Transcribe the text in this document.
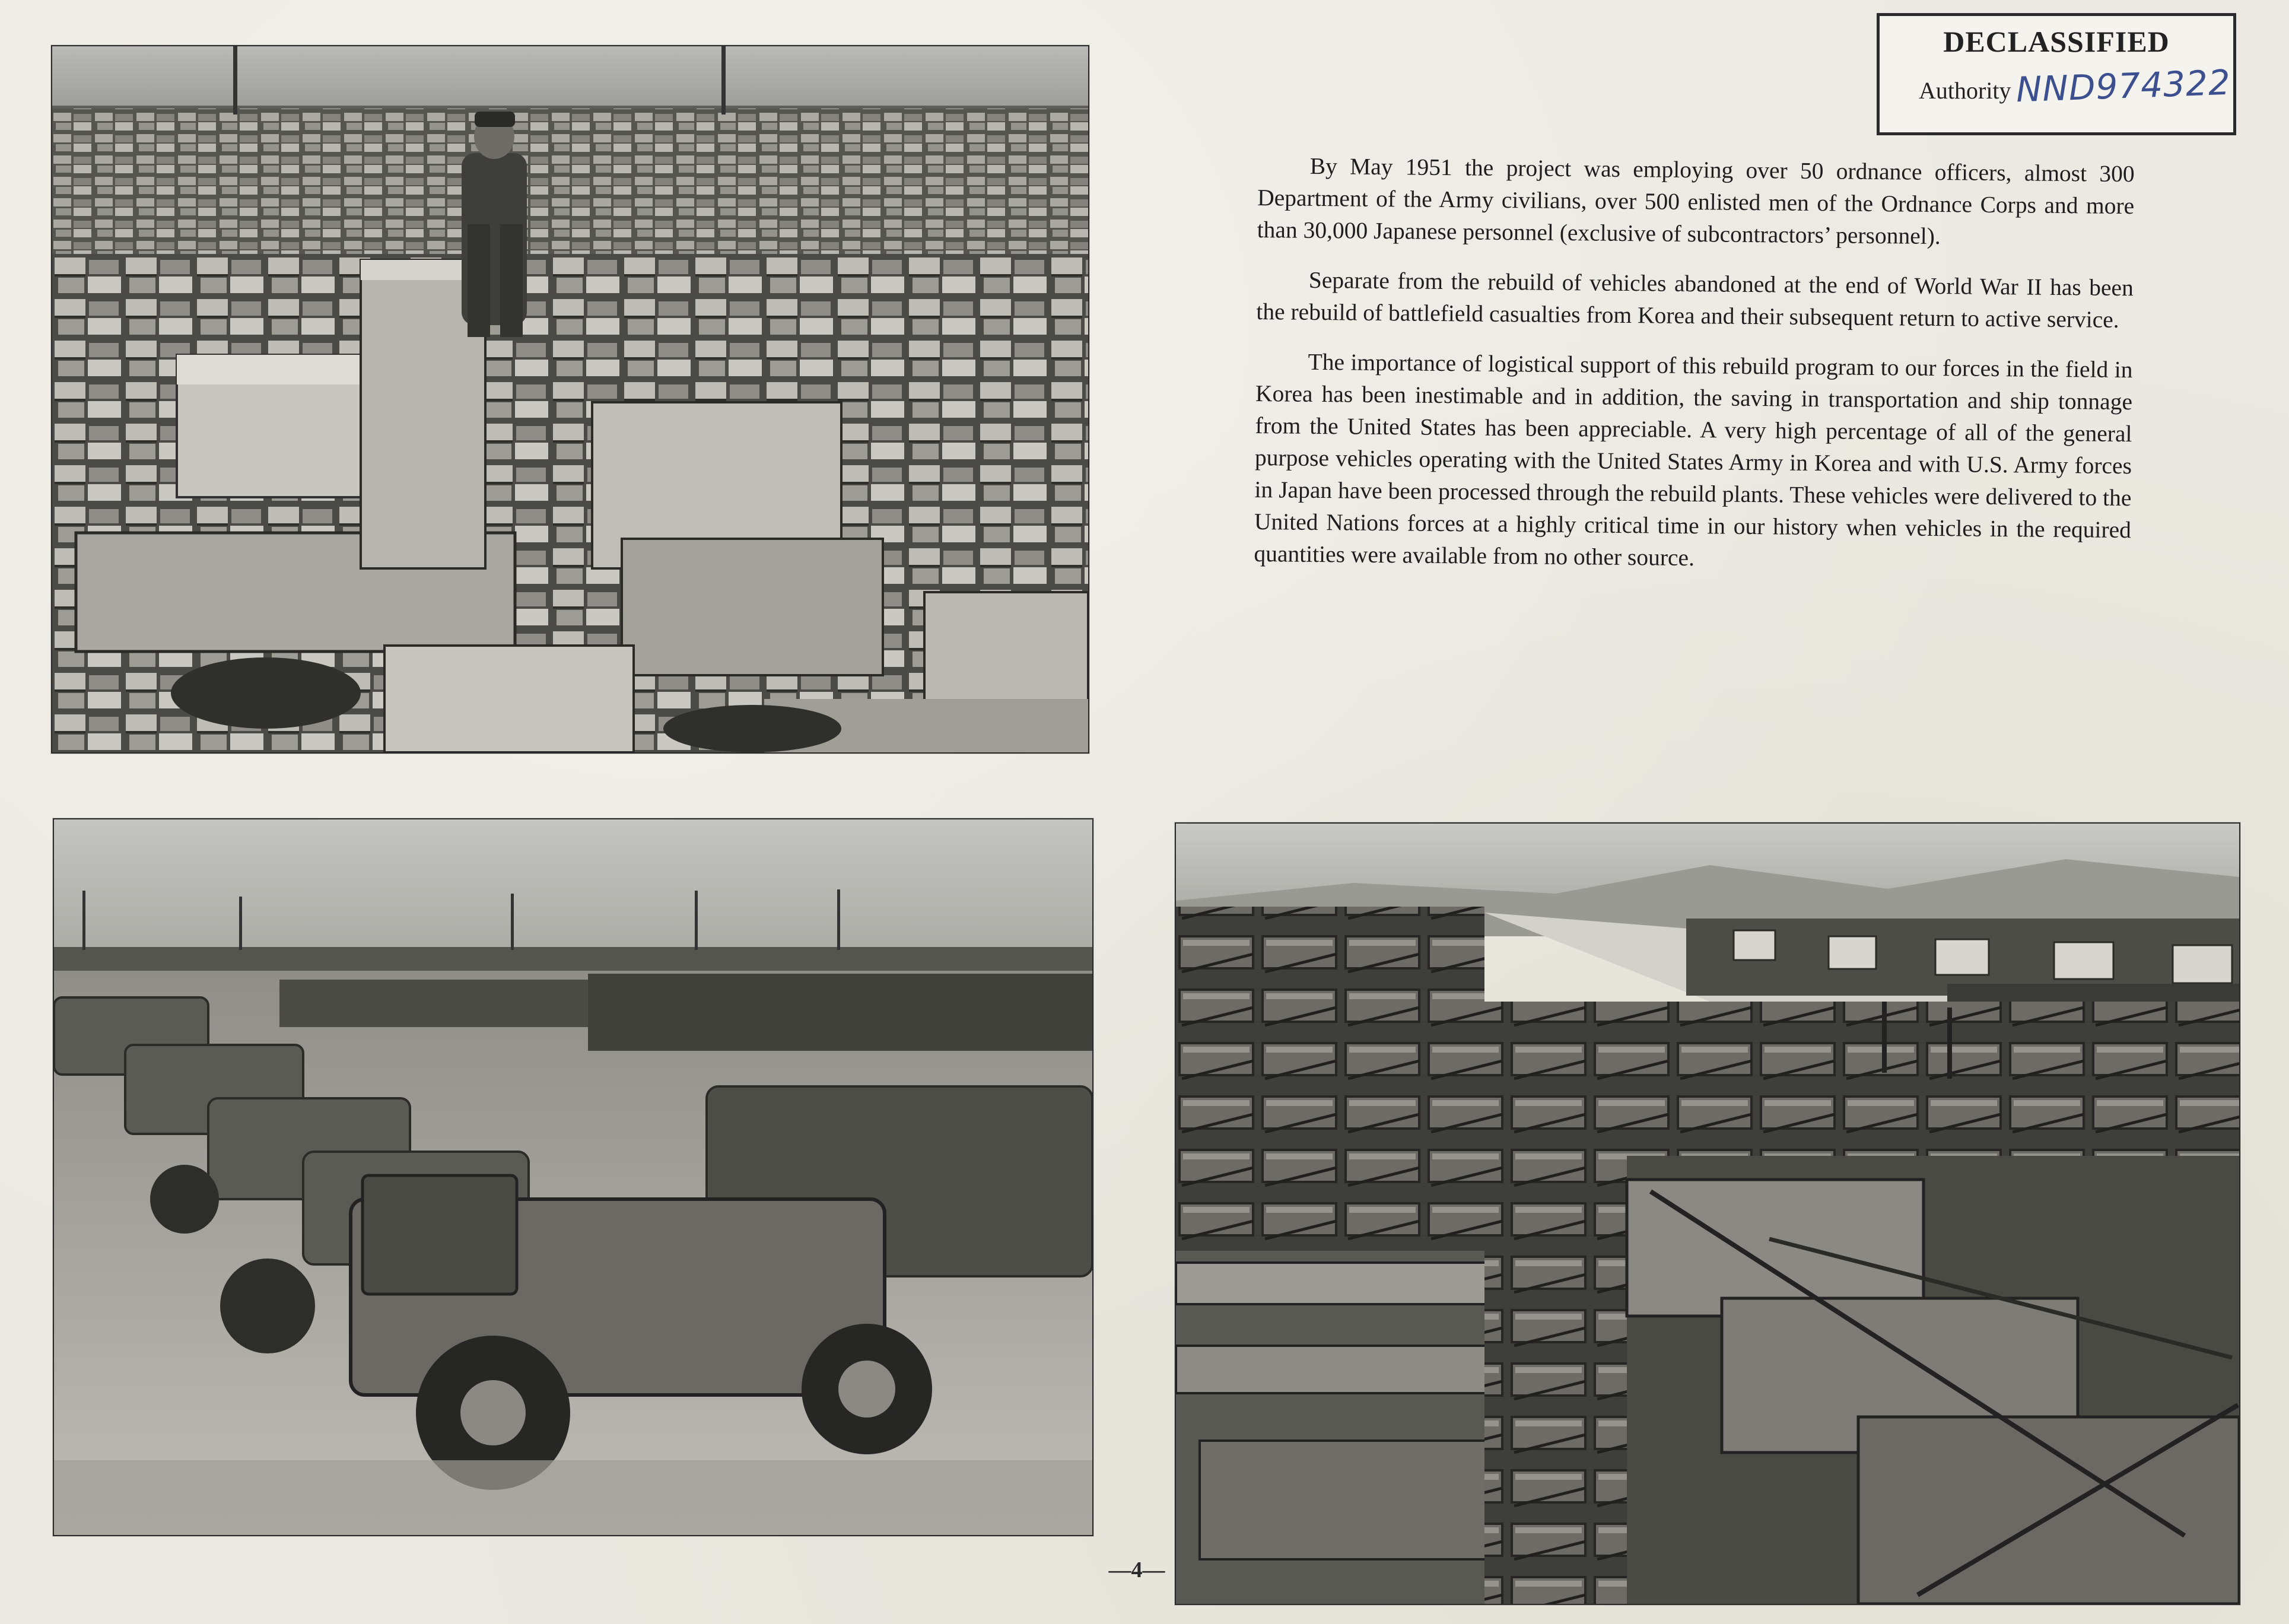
DECLASSIFIED
Authority NND974322

By May 1951 the project was employing over 50 ordnance officers, almost 300 Department of the Army civilians, over 500 enlisted men of the Ordnance Corps and more than 30,000 Japanese personnel (exclusive of subcontractors’ personnel).

Separate from the rebuild of vehicles abandoned at the end of World War II has been the rebuild of battlefield casualties from Korea and their subsequent return to active service.

The importance of logistical support of this rebuild program to our forces in the field in Korea has been inestimable and in addition, the saving in transportation and ship tonnage from the United States has been appreciable. A very high percentage of all of the general purpose vehicles operating with the United States Army in Korea and with U.S. Army forces in Japan have been processed through the rebuild plants. These vehicles were delivered to the United Nations forces at a highly critical time in our history when vehicles in the required quantities were available from no other source.

—4—
